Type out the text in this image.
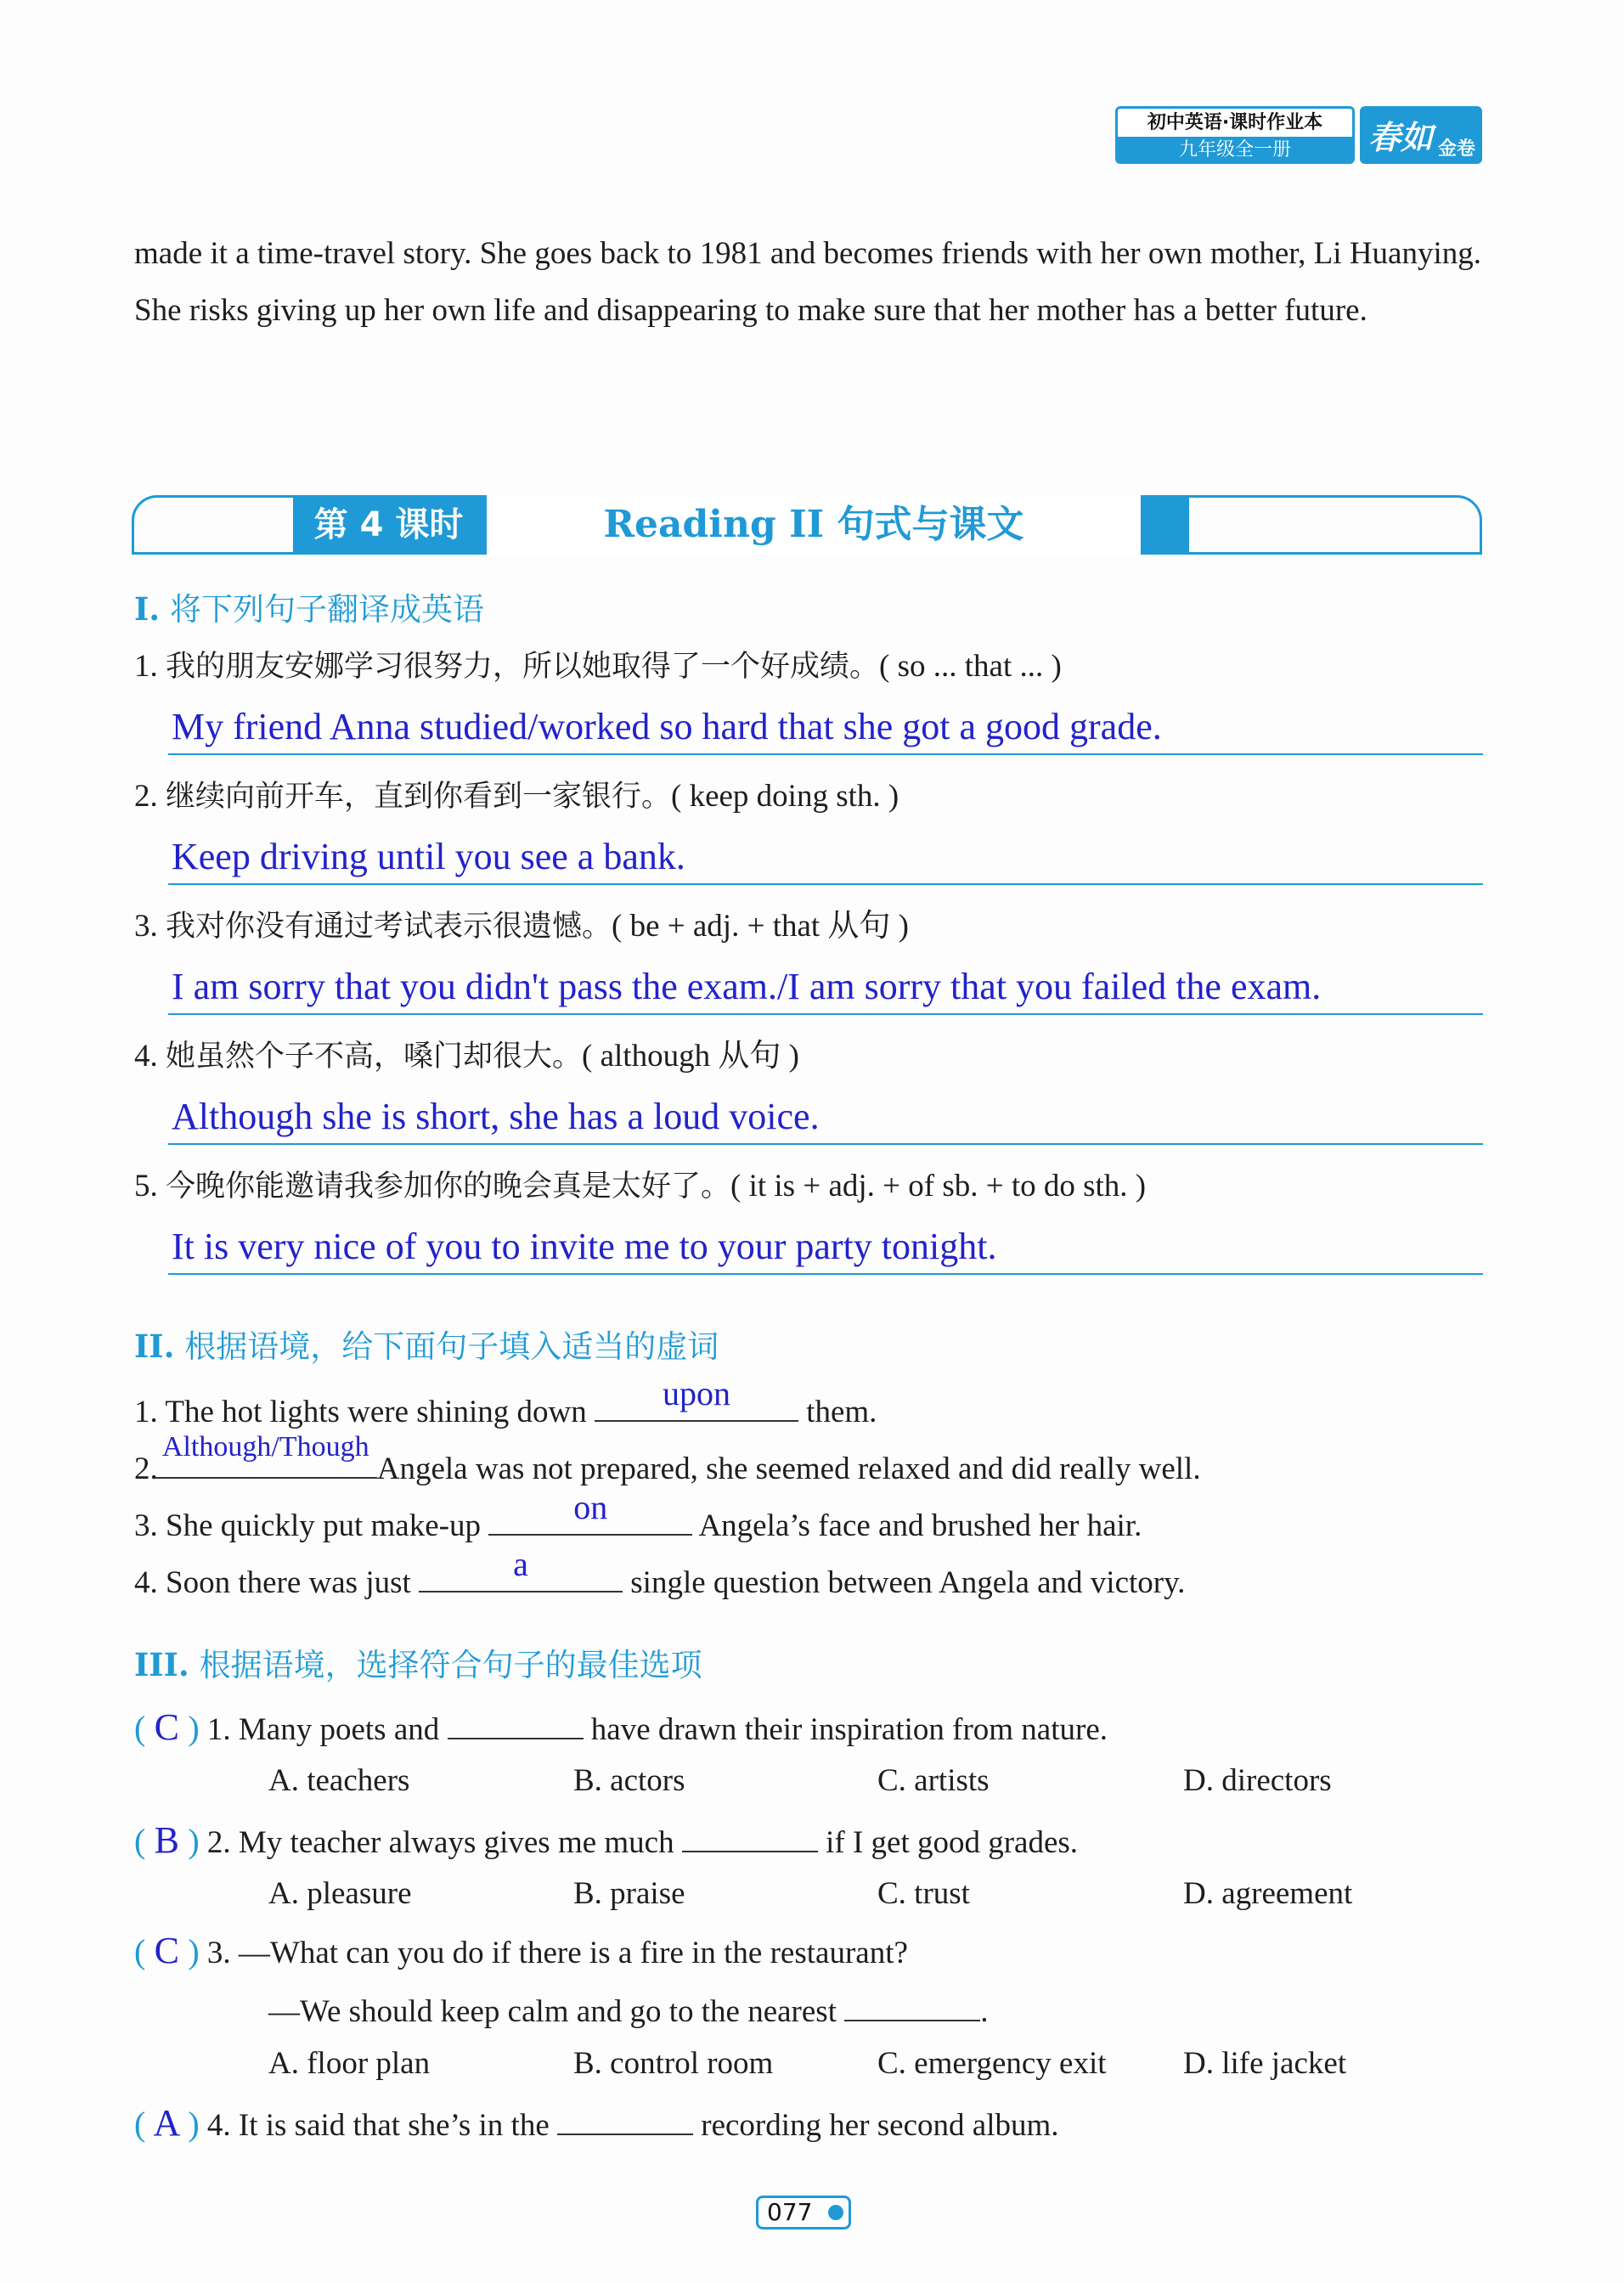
初中英语·课时作业本
九年级全一册	春如 金卷
made it a time-travel story. She goes back to 1981 and becomes friends with her own mother, Li Huanying. She risks giving up her own life and disappearing to make sure that her mother has a better future.
第 4 课时	Reading II 句式与课文
I. 将下列句子翻译成英语
1. 我的朋友安娜学习很努力，所以她取得了一个好成绩。( so ... that ... )
My friend Anna studied/worked so hard that she got a good grade.
2. 继续向前开车，直到你看到一家银行。( keep doing sth. )
Keep driving until you see a bank.
3. 我对你没有通过考试表示很遗憾。( be + adj. + that 从句 )
I am sorry that you didn't pass the exam./I am sorry that you failed the exam.
4. 她虽然个子不高，嗓门却很大。( although 从句 )
Although she is short, she has a loud voice.
5. 今晚你能邀请我参加你的晚会真是太好了。( it is + adj. + of sb. + to do sth. )
It is very nice of you to invite me to your party tonight.
II. 根据语境，给下面句子填入适当的虚词
1. The hot lights were shining down	upon	them.
2.
Although/Though
Angela was not prepared, she seemed relaxed and did really well.
3. She quickly put make-up	on	Angela’s face and brushed her hair.
4. Soon there was just	a	single question between Angela and victory.
III. 根据语境，选择符合句子的最佳选项
( C ) 1. Many poets and	have drawn their inspiration from nature.
A. teachers	B. actors	C. artists	D. directors
( B ) 2. My teacher always gives me much	if I get good grades.
A. pleasure	B. praise	C. trust	D. agreement
( C ) 3. —What can you do if there is a fire in the restaurant?
—We should keep calm and go to the nearest	.
A. floor plan	B. control room	C. emergency exit D. life jacket
( A ) 4. It is said that she’s in the	recording her second album.
077
